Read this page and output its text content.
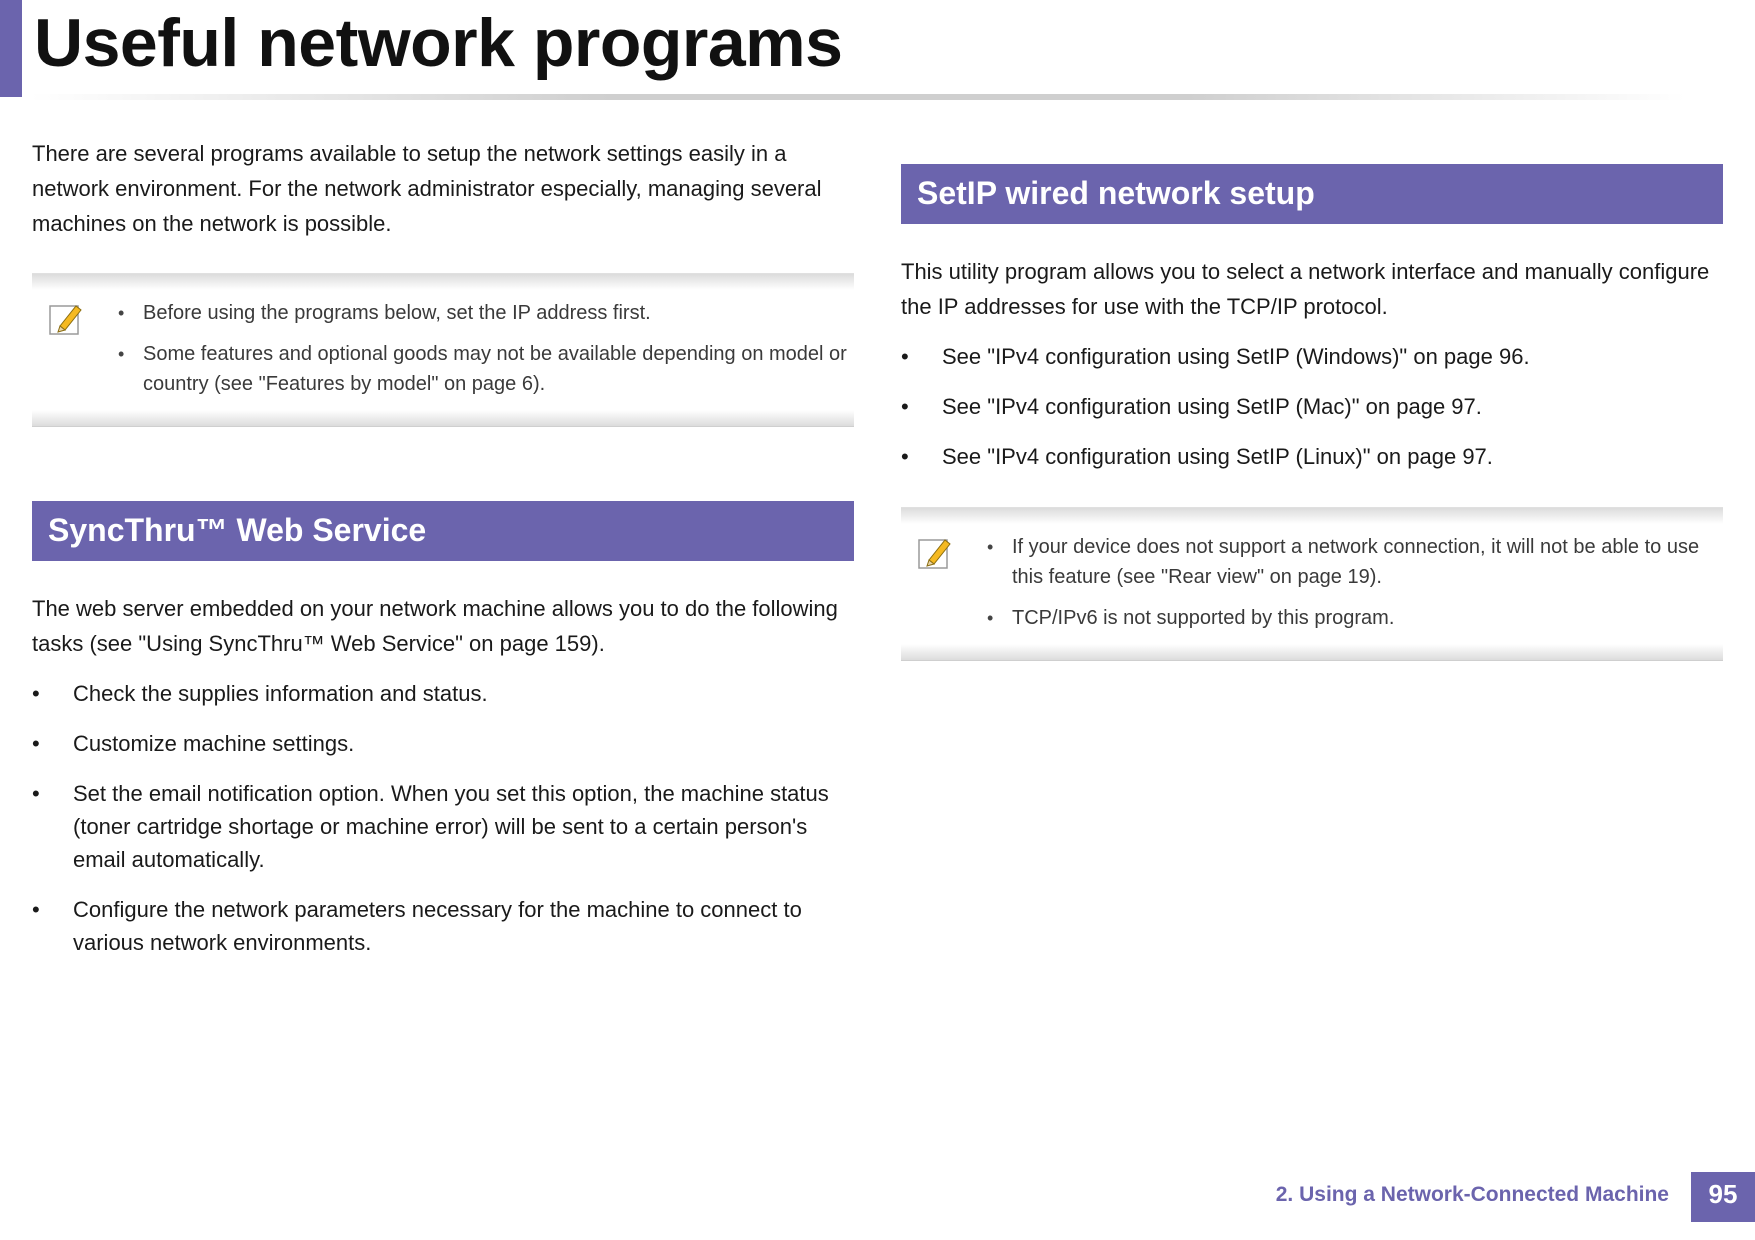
Useful network programs

There are several programs available to setup the network settings easily in a network environment. For the network administrator especially, managing several machines on the network is possible.

• Before using the programs below, set the IP address first.
• Some features and optional goods may not be available depending on model or country (see "Features by model" on page 6).
SyncThru™ Web Service

The web server embedded on your network machine allows you to do the following tasks (see "Using SyncThru™ Web Service" on page 159).

• Check the supplies information and status.
• Customize machine settings.
• Set the email notification option. When you set this option, the machine status (toner cartridge shortage or machine error) will be sent to a certain person's email automatically.
• Configure the network parameters necessary for the machine to connect to various network environments.
SetIP wired network setup

This utility program allows you to select a network interface and manually configure the IP addresses for use with the TCP/IP protocol.

• See "IPv4 configuration using SetIP (Windows)" on page 96.
• See "IPv4 configuration using SetIP (Mac)" on page 97.
• See "IPv4 configuration using SetIP (Linux)" on page 97.
• If your device does not support a network connection, it will not be able to use this feature (see "Rear view" on page 19).
• TCP/IPv6 is not supported by this program.
2. Using a Network-Connected Machine	95
